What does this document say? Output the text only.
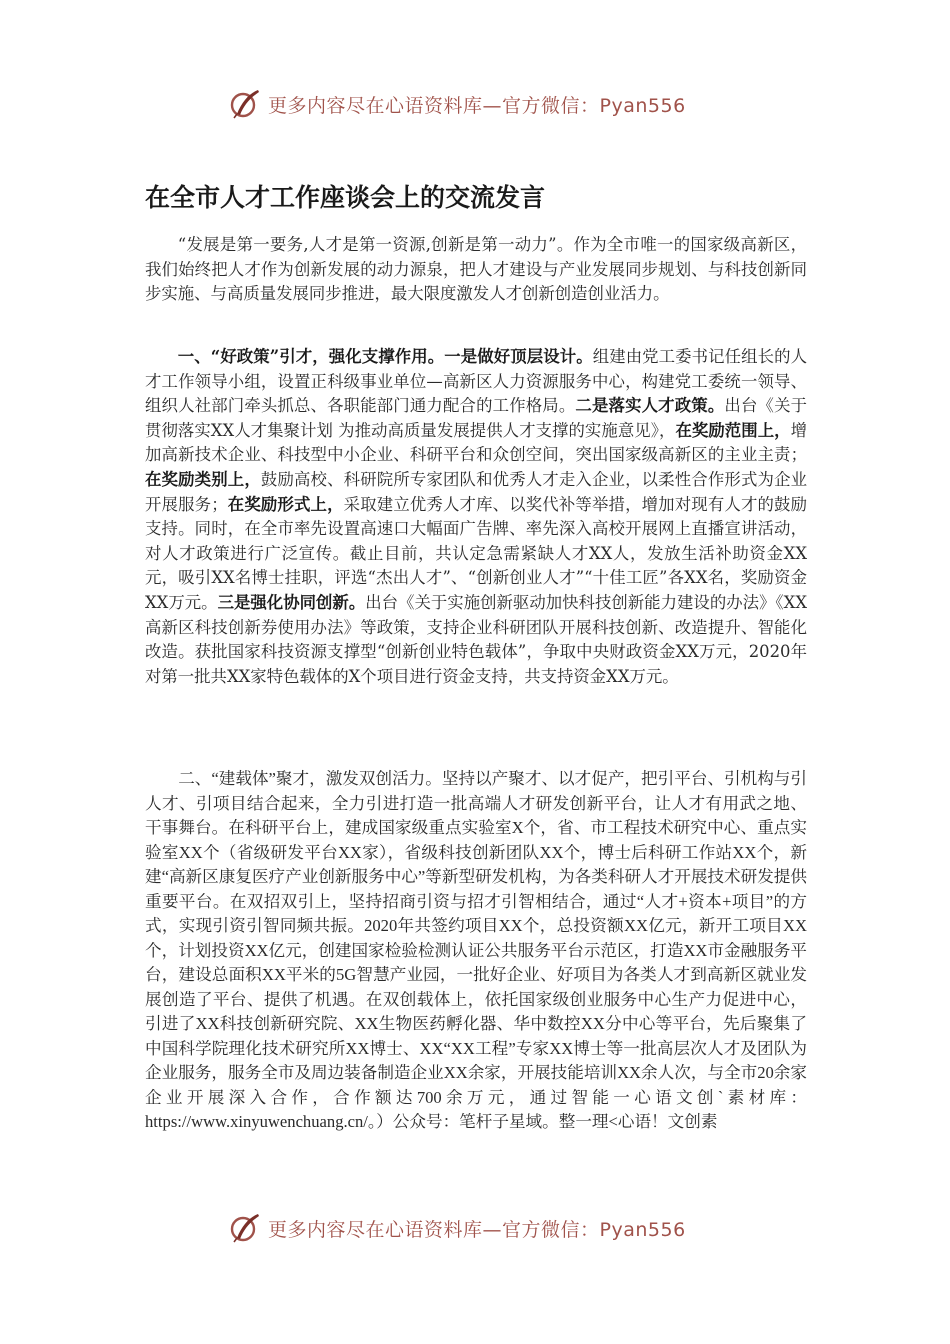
更多内容尽在心语资料库—官方微信：Pyan556
在全市人才工作座谈会上的交流发言

“发展是第一要务,人才是第一资源,创新是第一动力”。作为全市唯一的国家级高新区，我们始终把人才作为创新发展的动力源泉，把人才建设与产业发展同步规划、与科技创新同步实施、与高质量发展同步推进，最大限度激发人才创新创造创业活力。

一、“好政策”引才，强化支撑作用。一是做好顶层设计。组建由党工委书记任组长的人才工作领导小组，设置正科级事业单位—高新区人力资源服务中心，构建党工委统一领导、组织人社部门牵头抓总、各职能部门通力配合的工作格局。二是落实人才政策。出台《关于贯彻落实XX人才集聚计划 为推动高质量发展提供人才支撑的实施意见》，在奖励范围上，增加高新技术企业、科技型中小企业、科研平台和众创空间，突出国家级高新区的主业主责；在奖励类别上，鼓励高校、科研院所专家团队和优秀人才走入企业，以柔性合作形式为企业开展服务；在奖励形式上，采取建立优秀人才库、以奖代补等举措，增加对现有人才的鼓励支持。同时，在全市率先设置高速口大幅面广告牌、率先深入高校开展网上直播宣讲活动，对人才政策进行广泛宣传。截止目前，共认定急需紧缺人才XX人，发放生活补助资金XX元，吸引XX名博士挂职，评选“杰出人才”、“创新创业人才”“十佳工匠”各XX名，奖励资金XX万元。三是强化协同创新。出台《关于实施创新驱动加快科技创新能力建设的办法》《XX高新区科技创新券使用办法》等政策，支持企业科研团队开展科技创新、改造提升、智能化改造。获批国家科技资源支撑型“创新创业特色载体”，争取中央财政资金XX万元，2020年对第一批共XX家特色载体的X个项目进行资金支持，共支持资金XX万元。

二、“建载体”聚才，激发双创活力。坚持以产聚才、以才促产，把引平台、引机构与引人才、引项目结合起来，全力引进打造一批高端人才研发创新平台，让人才有用武之地、干事舞台。在科研平台上，建成国家级重点实验室X个，省、市工程技术研究中心、重点实验室XX个（省级研发平台XX家），省级科技创新团队XX个，博士后科研工作站XX个，新建“高新区康复医疗产业创新服务中心”等新型研发机构，为各类科研人才开展技术研发提供重要平台。在双招双引上，坚持招商引资与招才引智相结合，通过“人才+资本+项目”的方式，实现引资引智同频共振。2020年共签约项目XX个，总投资额XX亿元，新开工项目XX个，计划投资XX亿元，创建国家检验检测认证公共服务平台示范区，打造XX市金融服务平台，建设总面积XX平米的5G智慧产业园，一批好企业、好项目为各类人才到高新区就业发展创造了平台、提供了机遇。在双创载体上，依托国家级创业服务中心生产力促进中心，引进了XX科技创新研究院、XX生物医药孵化器、华中数控XX分中心等平台，先后聚集了中国科学院理化技术研究所XX博士、XX“XX工程”专家XX博士等一批高层次人才及团队为企业服务，服务全市及周边装备制造企业XX余家，开展技能培训XX余人次，与全市20余家企业开展深入合作，合作额达700余万元，通过智能一心语文创`素材库：https://www.xinyuwenchuang.cn/。）公众号：笔杆子星域。整一理<心语！文创素

更多内容尽在心语资料库—官方微信：Pyan556
